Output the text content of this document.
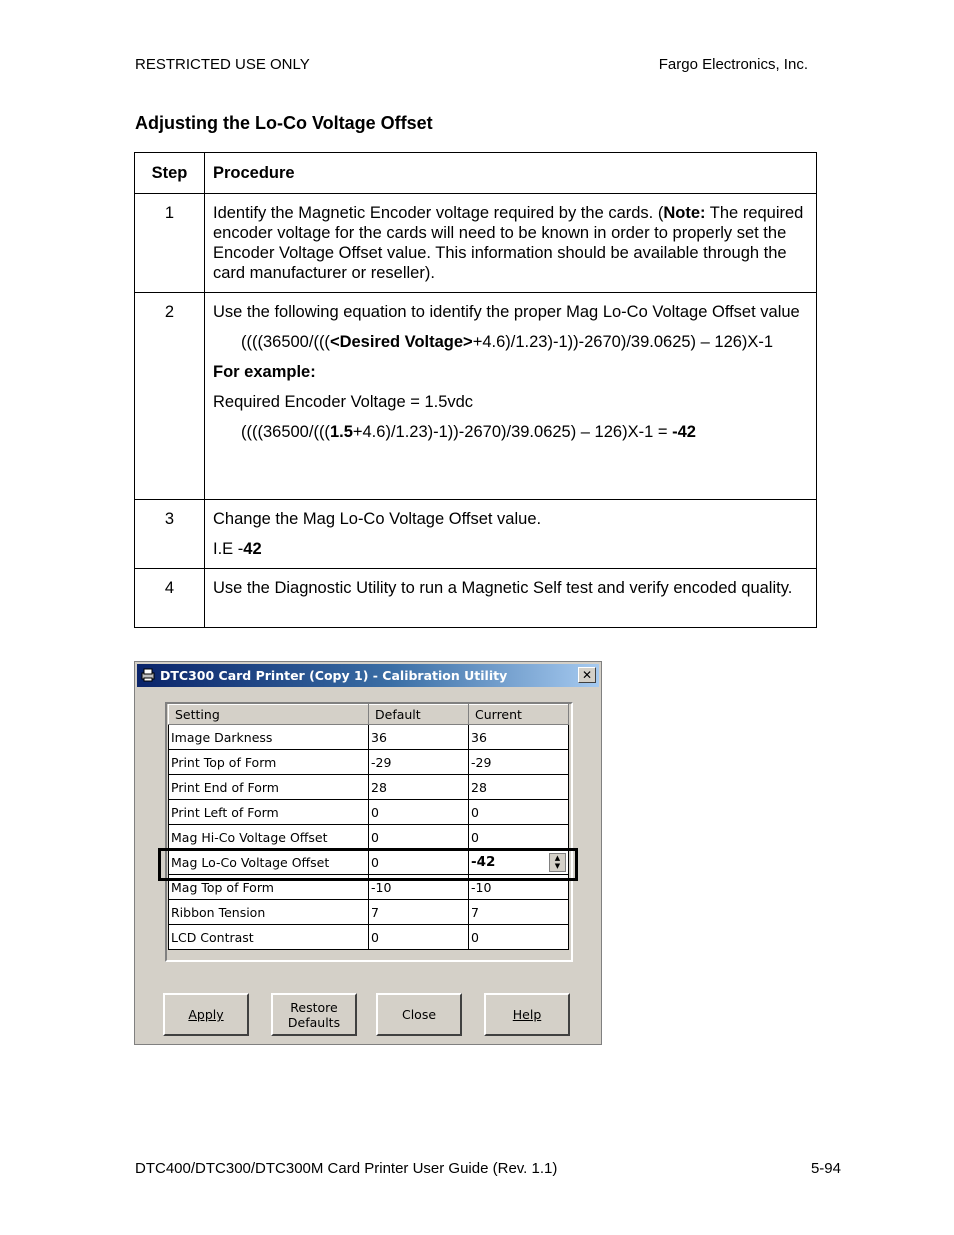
RESTRICTED USE ONLY	Fargo Electronics, Inc.
Adjusting the Lo-Co Voltage Offset
Step	Procedure
1	Identify the Magnetic Encoder voltage required by the cards. (Note: The required encoder voltage for the cards will need to be known in order to properly set the Encoder Voltage Offset value. This information should be available through the card manufacturer or reseller).
2	Use the following equation to identify the proper Mag Lo-Co Voltage Offset value
((((36500/(((<Desired Voltage>+4.6)/1.23)-1))-2670)/39.0625) – 126)X-1
For example:
Required Encoder Voltage = 1.5vdc
((((36500/(((1.5+4.6)/1.23)-1))-2670)/39.0625) – 126)X-1 = -42

3	Change the Mag Lo-Co Voltage Offset value.
I.E -42

4	Use the Diagnostic Utility to run a Magnetic Self test and verify encoded quality.
DTC300 Card Printer (Copy 1) - Calibration Utility	✕
Setting	Default	Current
Image Darkness	36	36
Print Top of Form	-29	-29
Print End of Form	28	28
Print Left of Form	0	0
Mag Hi-Co Voltage Offset	0	0
Mag Lo-Co Voltage Offset	0	-42 ▲
▼

Mag Top of Form	-10	-10
Ribbon Tension	7	7
LCD Contrast	0	0
Apply	Restore
Defaults	Close	Help
DTC400/DTC300/DTC300M Card Printer User Guide (Rev. 1.1)	5-94
